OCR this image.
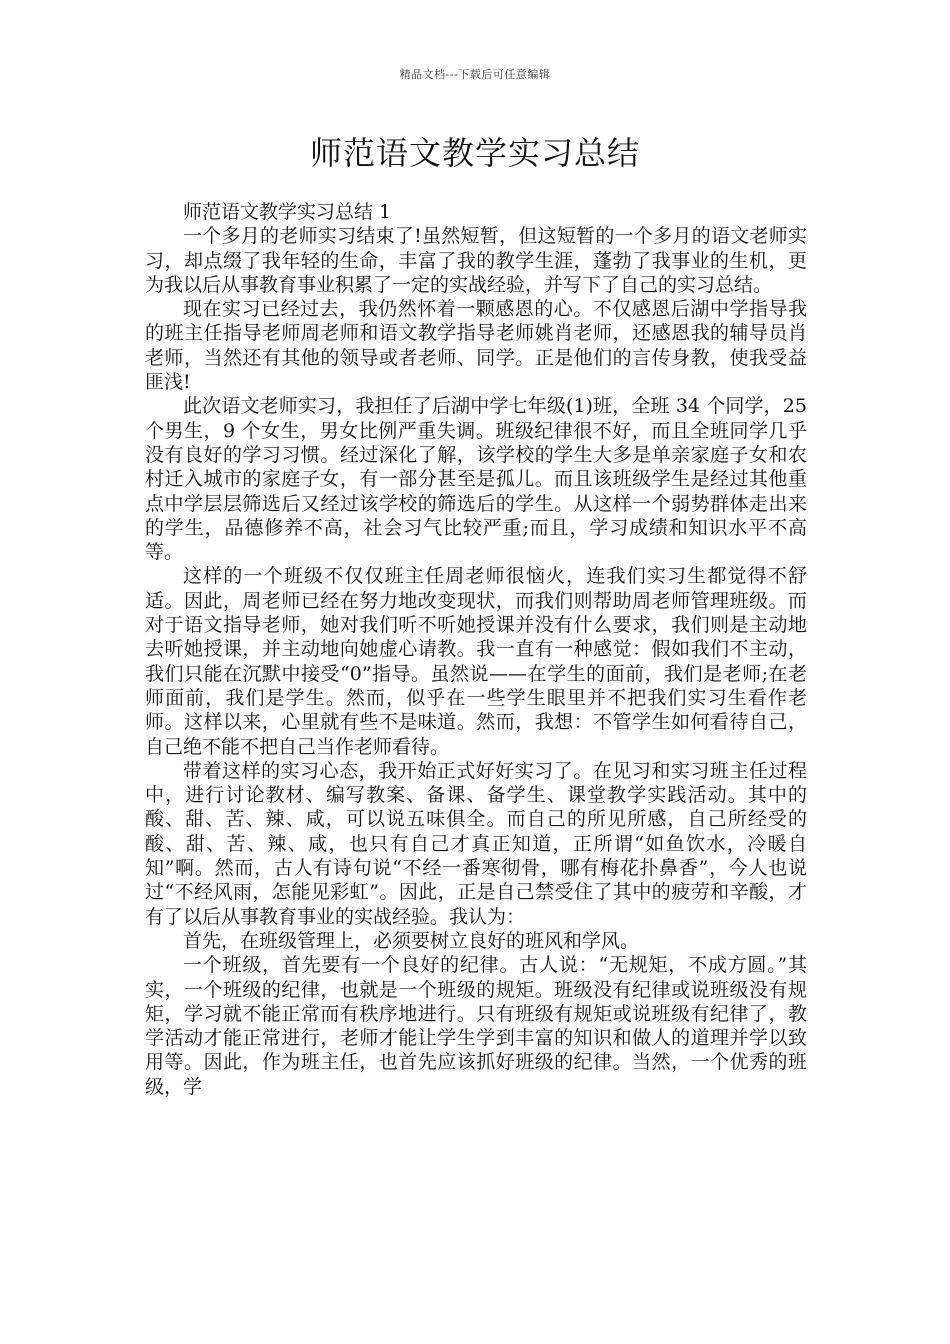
精品文档---下载后可任意编辑
师范语文教学实习总结

师范语文教学实习总结 1

一个多月的老师实习结束了!虽然短暂，但这短暂的一个多月的语文老师实习，却点缀了我年轻的生命，丰富了我的教学生涯，蓬勃了我事业的生机，更为我以后从事教育事业积累了一定的实战经验，并写下了自己的实习总结。

现在实习已经过去，我仍然怀着一颗感恩的心。不仅感恩后湖中学指导我的班主任指导老师周老师和语文教学指导老师姚肖老师，还感恩我的辅导员肖老师，当然还有其他的领导或者老师、同学。正是他们的言传身教，使我受益匪浅!

此次语文老师实习，我担任了后湖中学七年级(1)班，全班 34 个同学，25 个男生，9 个女生，男女比例严重失调。班级纪律很不好，而且全班同学几乎没有良好的学习习惯。经过深化了解，该学校的学生大多是单亲家庭子女和农村迁入城市的家庭子女，有一部分甚至是孤儿。而且该班级学生是经过其他重点中学层层筛选后又经过该学校的筛选后的学生。从这样一个弱势群体走出来的学生，品德修养不高，社会习气比较严重;而且，学习成绩和知识水平不高等。

这样的一个班级不仅仅班主任周老师很恼火，连我们实习生都觉得不舒适。因此，周老师已经在努力地改变现状，而我们则帮助周老师管理班级。而对于语文指导老师，她对我们听不听她授课并没有什么要求，我们则是主动地去听她授课，并主动地向她虚心请教。我一直有一种感觉：假如我们不主动，我们只能在沉默中接受“0”指导。虽然说——在学生的面前，我们是老师;在老师面前，我们是学生。然而，似乎在一些学生眼里并不把我们实习生看作老师。这样以来，心里就有些不是味道。然而，我想：不管学生如何看待自己，自己绝不能不把自己当作老师看待。

带着这样的实习心态，我开始正式好好实习了。在见习和实习班主任过程中，进行讨论教材、编写教案、备课、备学生、课堂教学实践活动。其中的酸、甜、苦、辣、咸，可以说五味俱全。而自己的所见所感，自己所经受的酸、甜、苦、辣、咸，也只有自己才真正知道，正所谓“如鱼饮水，冷暖自知”啊。然而，古人有诗句说“不经一番寒彻骨，哪有梅花扑鼻香”，今人也说过“不经风雨，怎能见彩虹”。因此，正是自己禁受住了其中的疲劳和辛酸，才有了以后从事教育事业的实战经验。我认为：

首先，在班级管理上，必须要树立良好的班风和学风。

一个班级，首先要有一个良好的纪律。古人说：“无规矩，不成方圆。”其实，一个班级的纪律，也就是一个班级的规矩。班级没有纪律或说班级没有规矩，学习就不能正常而有秩序地进行。只有班级有规矩或说班级有纪律了，教学活动才能正常进行，老师才能让学生学到丰富的知识和做人的道理并学以致用等。因此，作为班主任，也首先应该抓好班级的纪律。当然，一个优秀的班级，学
